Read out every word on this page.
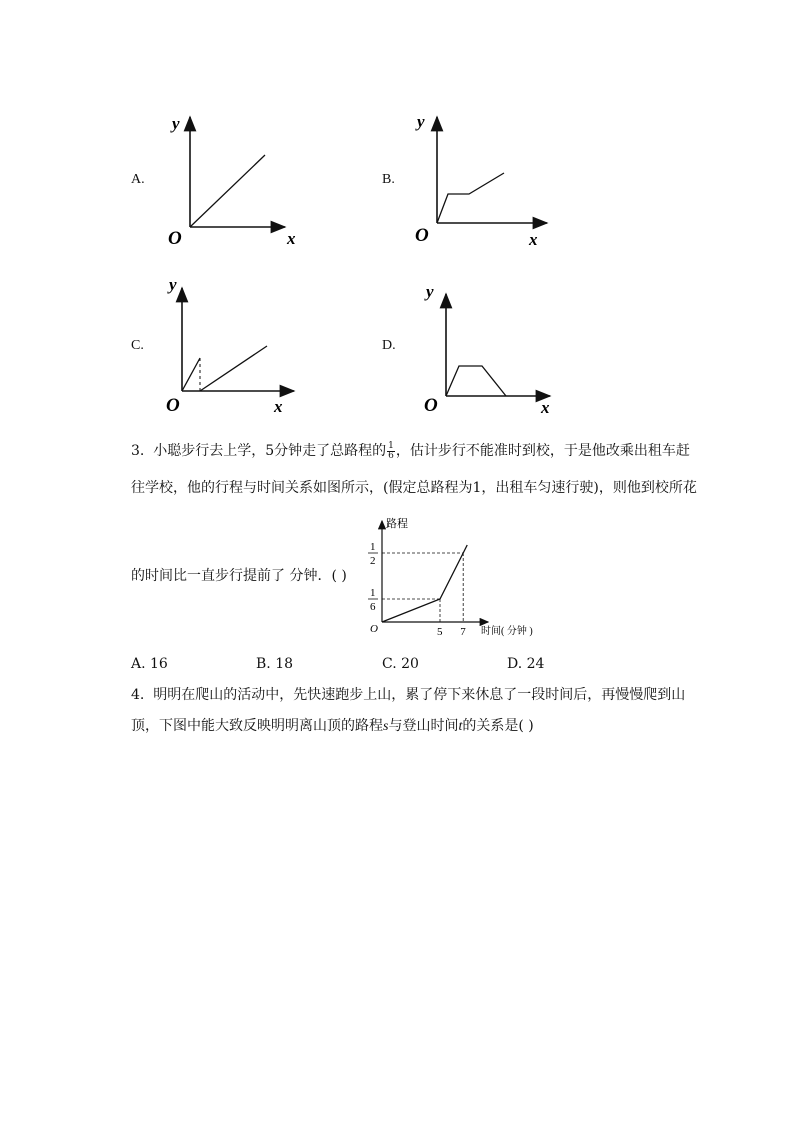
A.
y
O	x
B.
y
O	x
C.
y
O	x
D.
y
O	x
3. 小聪步行去上学，5分钟走了总路程的 $\frac{1}{6}$ ，估计步行不能准时到校，于是他改乘出租车赶
往学校，他的行程与时间关系如图所示，(假定总路程为1，出租车匀速行驶)，则他到校所花
的时间比一直步行提前了 分钟．( )
路程
时间( 分钟 )
O	5
1
6
7
1
2
A. 16	B. 18	C. 20	D. 24
4. 明明在爬山的活动中，先快速跑步上山，累了停下来休息了一段时间后，再慢慢爬到山
顶，下图中能大致反映明明离山顶的路程s与登山时间t的关系是( )
